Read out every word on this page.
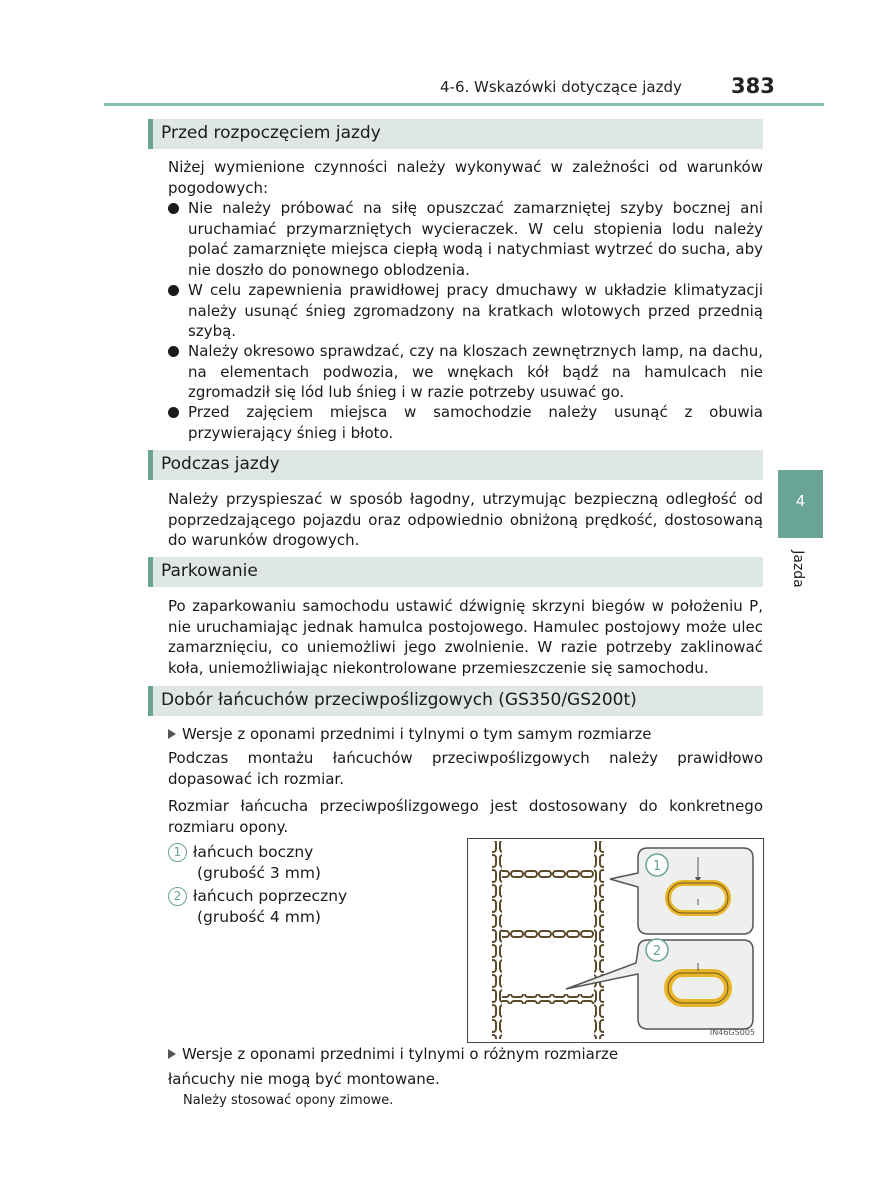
4-6. Wskazówki dotyczące jazdy 383
4
Jazda
Przed rozpoczęciem jazdy
Niżej wymienione czynności należy wykonywać w zależności od warunków pogodowych:
Nie należy próbować na siłę opuszczać zamarzniętej szyby bocznej ani uruchamiać przymarzniętych wycieraczek. W celu stopienia lodu należy polać zamarznięte miejsca ciepłą wodą i natychmiast wytrzeć do sucha, aby nie doszło do ponownego oblodzenia.
W celu zapewnienia prawidłowej pracy dmuchawy w układzie klimatyzacji należy usunąć śnieg zgromadzony na kratkach wlotowych przed przednią szybą.
Należy okresowo sprawdzać, czy na kloszach zewnętrznych lamp, na dachu, na elementach podwozia, we wnękach kół bądź na hamulcach nie zgromadził się lód lub śnieg i w razie potrzeby usuwać go.
Przed zajęciem miejsca w samochodzie należy usunąć z obuwia przywierający śnieg i błoto.
Podczas jazdy
Należy przyspieszać w sposób łagodny, utrzymując bezpieczną odległość od poprzedzającego pojazdu oraz odpowiednio obniżoną prędkość, dostosowaną do warunków drogowych.
Parkowanie
Po zaparkowaniu samochodu ustawić dźwignię skrzyni biegów w położeniu P, nie uruchamiając jednak hamulca postojowego. Hamulec postojowy może ulec zamarznięciu, co uniemożliwi jego zwolnienie. W razie potrzeby zaklinować koła, uniemożliwiając niekontrolowane przemieszczenie się samochodu.
Dobór łańcuchów przeciwpoślizgowych (GS350/GS200t)
Wersje z oponami przednimi i tylnymi o tym samym rozmiarze
Podczas montażu łańcuchów przeciwpoślizgowych należy prawidłowo dopasować ich rozmiar.
Rozmiar łańcucha przeciwpoślizgowego jest dostosowany do konkretnego rozmiaru opony.
1 łańcuch boczny
(grubość 3 mm)
2 łańcuch poprzeczny
(grubość 4 mm)
1
2
IN46GS005
Wersje z oponami przednimi i tylnymi o różnym rozmiarze
łańcuchy nie mogą być montowane.
Należy stosować opony zimowe.
